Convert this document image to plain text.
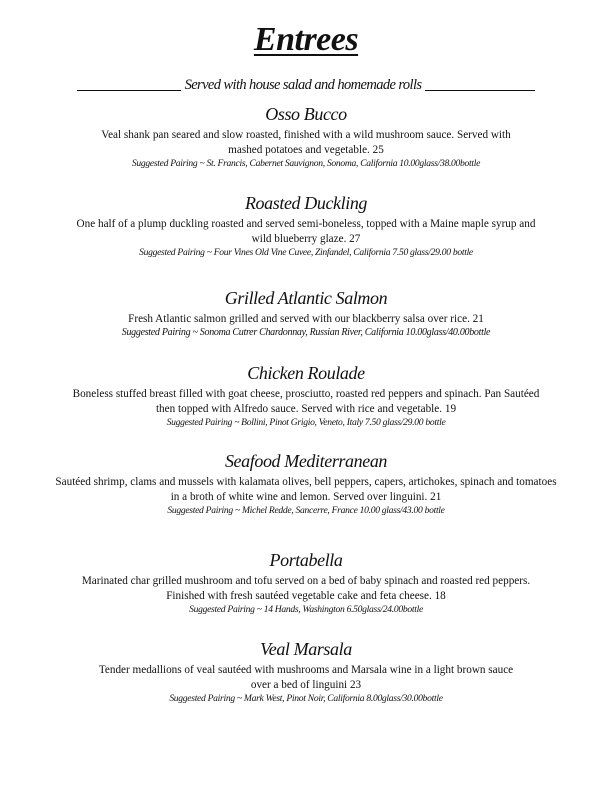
Entrees
Served with house salad and homemade rolls
Osso Bucco
Veal shank pan seared and slow roasted, finished with a wild mushroom sauce. Served with
mashed potatoes and vegetable. 25
Suggested Pairing ~ St. Francis, Cabernet Sauvignon, Sonoma, California 10.00glass/38.00bottle
Roasted Duckling
One half of a plump duckling roasted and served semi-boneless, topped with a Maine maple syrup and
wild blueberry glaze. 27
Suggested Pairing ~ Four Vines Old Vine Cuvee, Zinfandel, California 7.50 glass/29.00 bottle
Grilled Atlantic Salmon
Fresh Atlantic salmon grilled and served with our blackberry salsa over rice. 21
Suggested Pairing ~ Sonoma Cutrer Chardonnay, Russian River, California 10.00glass/40.00bottle
Chicken Roulade
Boneless stuffed breast filled with goat cheese, prosciutto, roasted red peppers and spinach. Pan Sautéed
then topped with Alfredo sauce. Served with rice and vegetable. 19
Suggested Pairing ~ Bollini, Pinot Grigio, Veneto, Italy 7.50 glass/29.00 bottle
Seafood Mediterranean
Sautéed shrimp, clams and mussels with kalamata olives, bell peppers, capers, artichokes, spinach and tomatoes
in a broth of white wine and lemon. Served over linguini. 21
Suggested Pairing ~ Michel Redde, Sancerre, France 10.00 glass/43.00 bottle
Portabella
Marinated char grilled mushroom and tofu served on a bed of baby spinach and roasted red peppers.
Finished with fresh sautéed vegetable cake and feta cheese. 18
Suggested Pairing ~ 14 Hands, Washington 6.50glass/24.00bottle
Veal Marsala
Tender medallions of veal sautéed with mushrooms and Marsala wine in a light brown sauce
over a bed of linguini 23
Suggested Pairing ~ Mark West, Pinot Noir, California 8.00glass/30.00bottle
